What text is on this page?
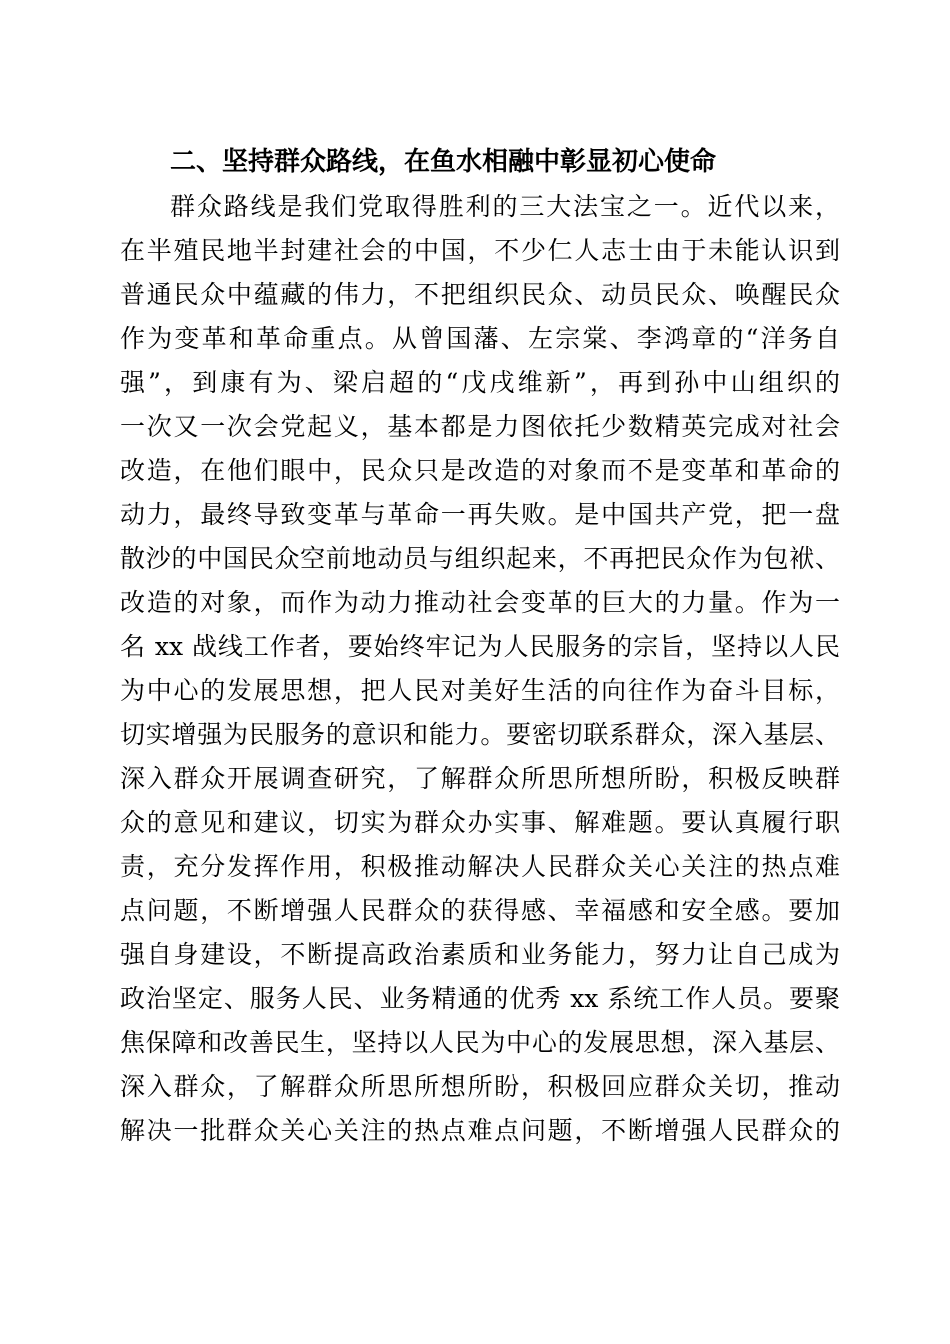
二、坚持群众路线，在鱼水相融中彰显初心使命
群众路线是我们党取得胜利的三大法宝之一。近代以来，
在半殖民地半封建社会的中国，不少仁人志士由于未能认识到
普通民众中蕴藏的伟力，不把组织民众、动员民众、唤醒民众
作为变革和革命重点。从曾国藩、左宗棠、李鸿章的“洋务自
强”，到康有为、梁启超的“戊戌维新”，再到孙中山组织的
一次又一次会党起义，基本都是力图依托少数精英完成对社会
改造，在他们眼中，民众只是改造的对象而不是变革和革命的
动力，最终导致变革与革命一再失败。是中国共产党，把一盘
散沙的中国民众空前地动员与组织起来，不再把民众作为包袱、
改造的对象，而作为动力推动社会变革的巨大的力量。作为一
名 xx 战线工作者，要始终牢记为人民服务的宗旨，坚持以人民
为中心的发展思想，把人民对美好生活的向往作为奋斗目标，
切实增强为民服务的意识和能力。要密切联系群众，深入基层、
深入群众开展调查研究，了解群众所思所想所盼，积极反映群
众的意见和建议，切实为群众办实事、解难题。要认真履行职
责，充分发挥作用，积极推动解决人民群众关心关注的热点难
点问题，不断增强人民群众的获得感、幸福感和安全感。要加
强自身建设，不断提高政治素质和业务能力，努力让自己成为
政治坚定、服务人民、业务精通的优秀 xx 系统工作人员。要聚
焦保障和改善民生，坚持以人民为中心的发展思想，深入基层、
深入群众，了解群众所思所想所盼，积极回应群众关切，推动
解决一批群众关心关注的热点难点问题，不断增强人民群众的
